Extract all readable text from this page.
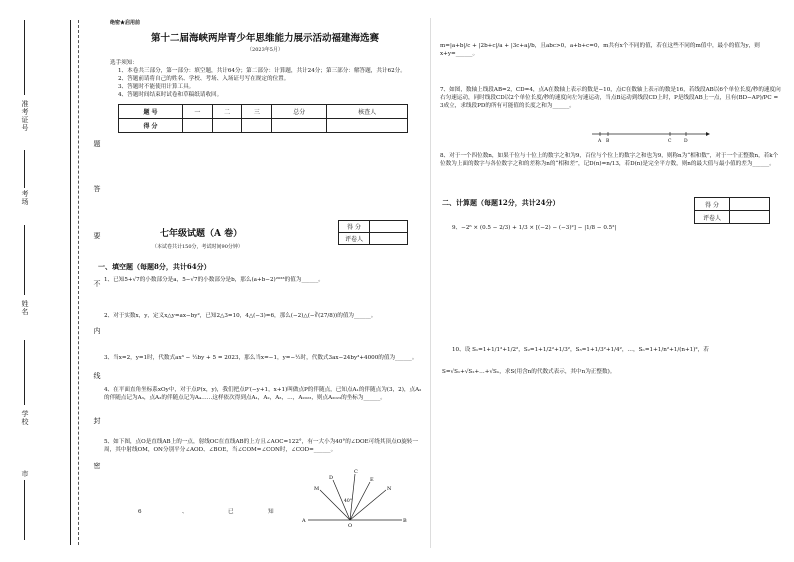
准考证号
考场
姓名
学校
市
题
答
要
不
内
线
封
密
绝密★启用前
第十二届海峡两岸青少年思维能力展示活动福建海选赛
（2023年5月）
选手须知：
1、本卷共三部分，第一部分：填空题，共计64分；第二部分：计算题，共计24分；第三部分：解答题，共计62分。
2、答题前请将自己的姓名、学校、考场、入场证号写在规定的位置。
3、答题时不能使用计算工具。
4、答题时间结束时试卷和草稿纸请收回。
题 号	一	二	三	总分	核查人
得 分					
七年级试题（A 卷）
（本试卷共计150分，考试时间90分钟）
得 分	
评卷人	
一、填空题（每题8分，共计64分）
1、已知5+√7的小数部分是a，5−√7的小数部分是b，那么(a+b−2)²⁰²³的值为______。
2、对于实数x，y，定义x△y=ax−by²，已知2△3=10，4△(−3)=6，那么(−2)△(−∛(27/8))的值为______。
3、当x=2，y=1时，代数式ax³ − ½by + 5 = 2023，那么当x=−1，y=−½时，代数式3ax−24by³+4000的值为______。
4、在平面直角坐标系xOy中，对于点P(x，y)，我们把点P′(−y+1，x+1)叫做点P的伴随点，已知点A₁的伴随点为(3，2)，点A₂的伴随点记为A₃，点A₃的伴随点记为A₄……这样依次得到点A₁，A₂，A₃，…，A₂₀₂₃，则点A₂₀₂₃的坐标为______。
5、如下图，点O是直线AB上的一点，射线OC在直线AB的上方且∠AOC=122°，有一大小为40°的∠DOE可绕其顶点O旋转一周，其中射线OM，ON分别平分∠AOD、∠BOE，当∠COM=∠CON时，∠COD=______。
6	、	已	知
A
O
B
C
D	E
M	N
40°
m=|a+b|/c + |2b+c|/a + |3c+a|/b，且abc>0，a+b+c=0，m共有x个不同的值，若在这些不同的m值中，最小的值为y，则x+y=______。
7、如图，数轴上线段AB=2，CD=4，点A在数轴上表示的数是−10，点C在数轴上表示的数是16，若线段AB以6个单位长度/秒的速度向右匀速运动，同时线段CD以2个单位长度/秒的速度向左匀速运动，当点B运动到线段CD上时，P是线段AB上一点，且有(BD−AP)/PC = 3成立，求线段PD的所有可能值的长度之和为______。
A B	C	D
8、对于一个四位数n，如果千位与十位上的数字之和为9，百位与个位上的数字之和也为9，则称n为“相和数”，对于一个正整数n，若k个位数为上面的数字与各位数字之和的差称为n的“相和差”，记D(n)=n/13，若D(n)是完全平方数，则n的最大值与最小值的差为______。
二、计算题（每题12分，共计24分）	得 分	
评卷人	
9、−2⁶ × (0.5 − 2/3) + 1/3 × [(−2) − (−3)²] − |1/8 − 0.5²|
10、设 S₁=1+1/1²+1/2²，S₂=1+1/2²+1/3²，S₃=1+1/3²+1/4²，…，Sₙ=1+1/n²+1/(n+1)²，若
S=√S₁+√S₂+…+√Sₙ，求S(用含n的代数式表示，其中n为正整数)。
